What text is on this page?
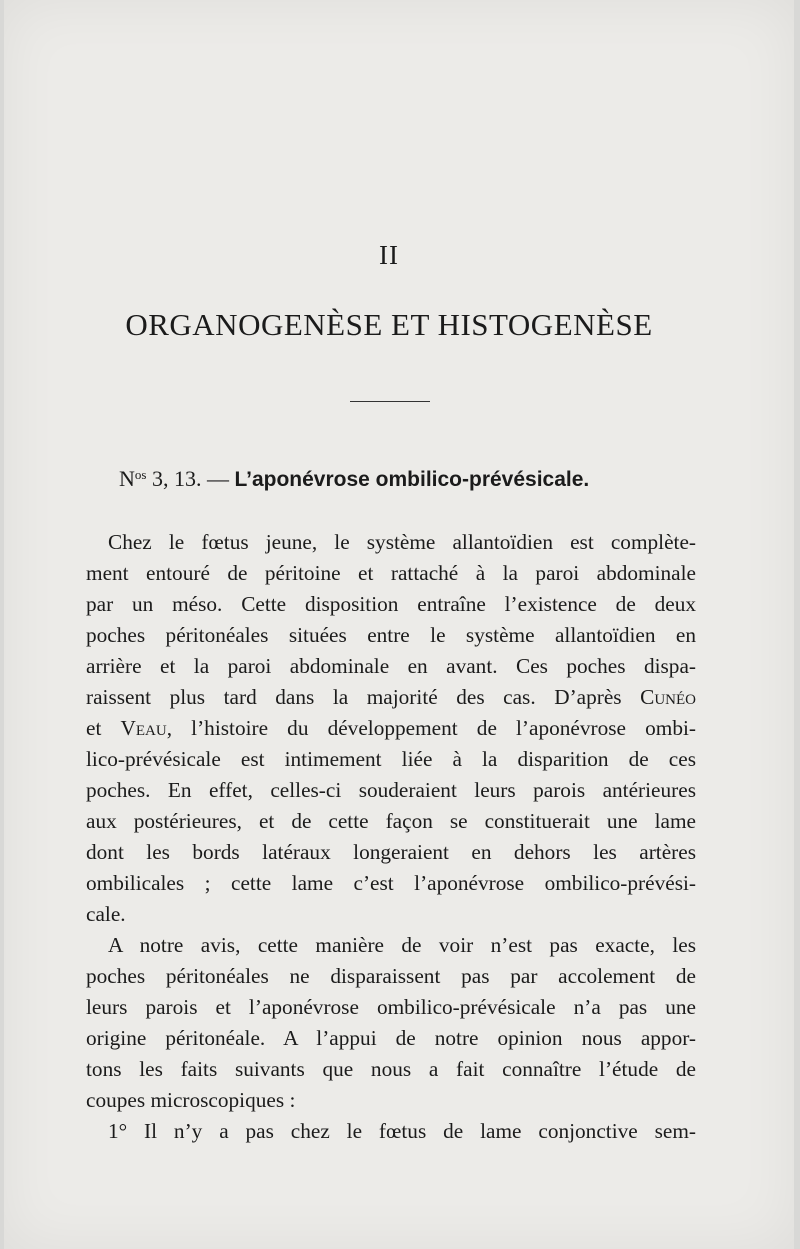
II
ORGANOGENÈSE ET HISTOGENÈSE
$N^{os}$ 3, 13. — L’aponévrose ombilico-prévésicale.
Chez le fœtus jeune, le système allantoïdien est complète-
ment entouré de péritoine et rattaché à la paroi abdominale
par un méso. Cette disposition entraîne l’existence de deux
poches péritonéales situées entre le système allantoïdien en
arrière et la paroi abdominale en avant. Ces poches dispa-
raissent plus tard dans la majorité des cas. D’après Cunéo
et Veau, l’histoire du développement de l’aponévrose ombi-
lico-prévésicale est intimement liée à la disparition de ces
poches. En effet, celles-ci souderaient leurs parois antérieures
aux postérieures, et de cette façon se constituerait une lame
dont les bords latéraux longeraient en dehors les artères
ombilicales ; cette lame c’est l’aponévrose ombilico-prévési-
cale.
A notre avis, cette manière de voir n’est pas exacte, les
poches péritonéales ne disparaissent pas par accolement de
leurs parois et l’aponévrose ombilico-prévésicale n’a pas une
origine péritonéale. A l’appui de notre opinion nous appor-
tons les faits suivants que nous a fait connaître l’étude de
coupes microscopiques :
1° Il n’y a pas chez le fœtus de lame conjonctive sem-
